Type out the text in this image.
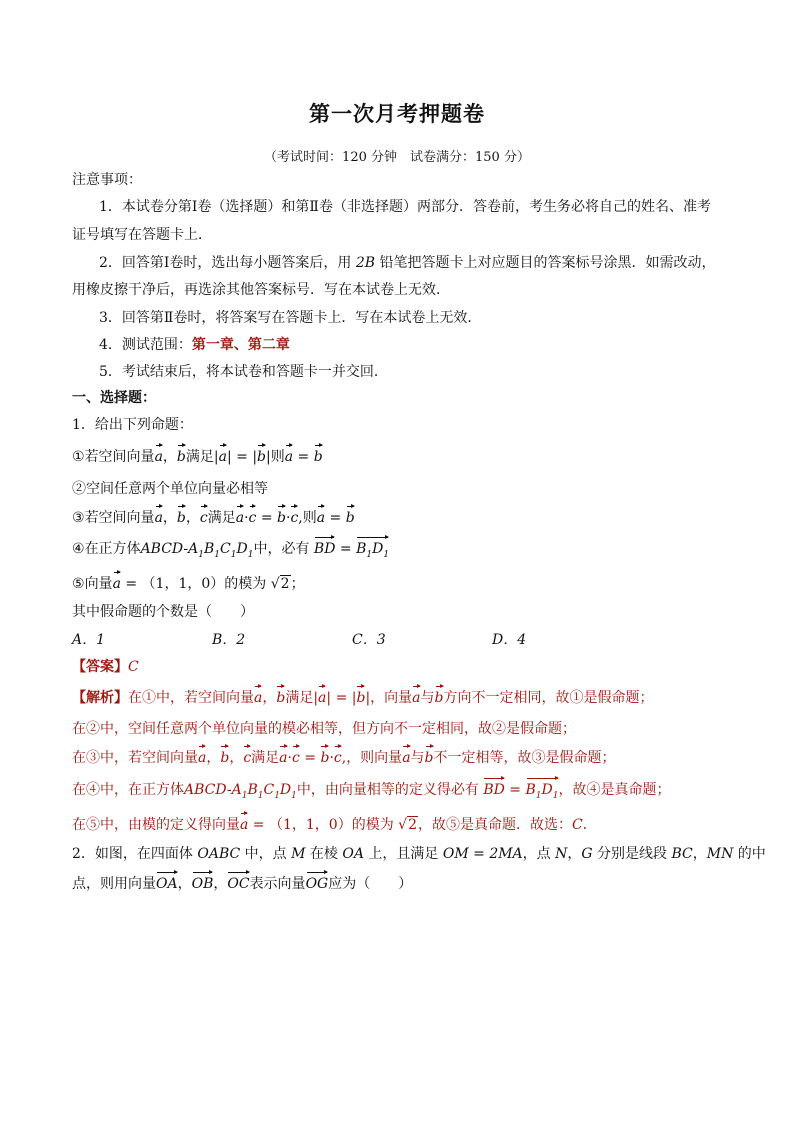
第一次月考押题卷
（考试时间：120 分钟　试卷满分：150 分）
注意事项：
1．本试卷分第Ⅰ卷（选择题）和第Ⅱ卷（非选择题）两部分．答卷前，考生务必将自己的姓名、准考
证号填写在答题卡上．
2．回答第Ⅰ卷时，选出每小题答案后，用 2B 铅笔把答题卡上对应题目的答案标号涂黑．如需改动，
用橡皮擦干净后，再选涂其他答案标号．写在本试卷上无效．
3．回答第Ⅱ卷时，将答案写在答题卡上．写在本试卷上无效．
4．测试范围：第一章、第二章
5．考试结束后，将本试卷和答题卡一并交回．
一、选择题：
1．给出下列命题：
①若空间向量a，b满足|a| = |b|则a = b
②空间任意两个单位向量必相等
③若空间向量a，b，c满足a·c = b·c,则a = b
④在正方体ABCD-$A_1B_1C_1D_1$中，必有 BD = $B_1D_1$
⑤向量a = （1，1，0）的模为 √2；
其中假命题的个数是（　　）
A．1	B．2	C．3	D．4
【答案】C
【解析】在①中，若空间向量a，b满足|a| = |b|，向量a与b方向不一定相同，故①是假命题；
在②中，空间任意两个单位向量的模必相等，但方向不一定相同，故②是假命题；
在③中，若空间向量a，b，c满足a·c = b·c,，则向量a与b不一定相等，故③是假命题；
在④中，在正方体ABCD-$A_1B_1C_1D_1$中，由向量相等的定义得必有 BD = $B_1D_1$，故④是真命题；
在⑤中，由模的定义得向量a = （1，1，0）的模为 √2，故⑤是真命题．故选：C．
2．如图，在四面体 OABC 中，点 M 在棱 OA 上，且满足 OM = 2MA，点 N，G 分别是线段 BC，MN 的中
点，则用向量OA，OB，OC表示向量OG应为（　　）
